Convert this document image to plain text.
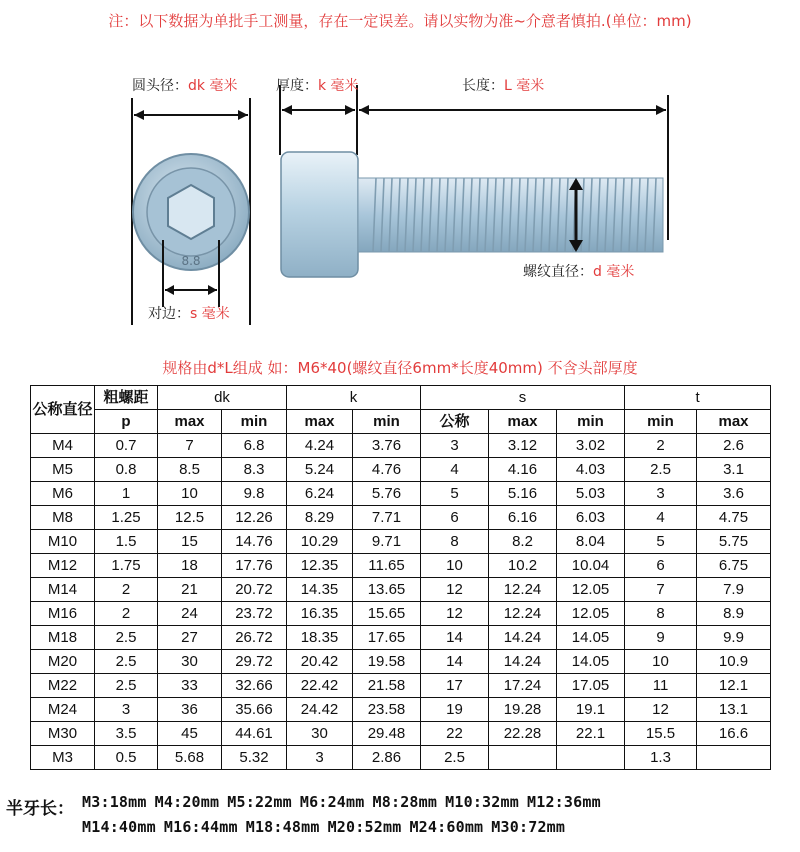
注：以下数据为单批手工测量，存在一定误差。请以实物为准~介意者慎拍.(单位：mm)
8.8
圆头径：dk 毫米
对边：s 毫米
厚度：k 毫米	长度：L 毫米
螺纹直径：d 毫米
规格由d*L组成 如：M6*40(螺纹直径6mm*长度40mm) 不含头部厚度
公称直径	粗螺距	dk		k		s			t	
	p	max	min	max	min	公称	max	min	min	max
M4	0.7	7	6.8	4.24	3.76	3	3.12	3.02	2	2.6
M5	0.8	8.5	8.3	5.24	4.76	4	4.16	4.03	2.5	3.1
M6	1	10	9.8	6.24	5.76	5	5.16	5.03	3	3.6
M8	1.25	12.5	12.26	8.29	7.71	6	6.16	6.03	4	4.75
M10	1.5	15	14.76	10.29	9.71	8	8.2	8.04	5	5.75
M12	1.75	18	17.76	12.35	11.65	10	10.2	10.04	6	6.75
M14	2	21	20.72	14.35	13.65	12	12.24	12.05	7	7.9
M16	2	24	23.72	16.35	15.65	12	12.24	12.05	8	8.9
M18	2.5	27	26.72	18.35	17.65	14	14.24	14.05	9	9.9
M20	2.5	30	29.72	20.42	19.58	14	14.24	14.05	10	10.9
M22	2.5	33	32.66	22.42	21.58	17	17.24	17.05	11	12.1
M24	3	36	35.66	24.42	23.58	19	19.28	19.1	12	13.1
M30	3.5	45	44.61	30	29.48	22	22.28	22.1	15.5	16.6
M3	0.5	5.68	5.32	3	2.86	2.5			1.3	
半牙长： M3:18mm M4:20mm M5:22mm M6:24mm M8:28mm M10:32mm M12:36mm
M14:40mm M16:44mm M18:48mm M20:52mm M24:60mm M30:72mm
